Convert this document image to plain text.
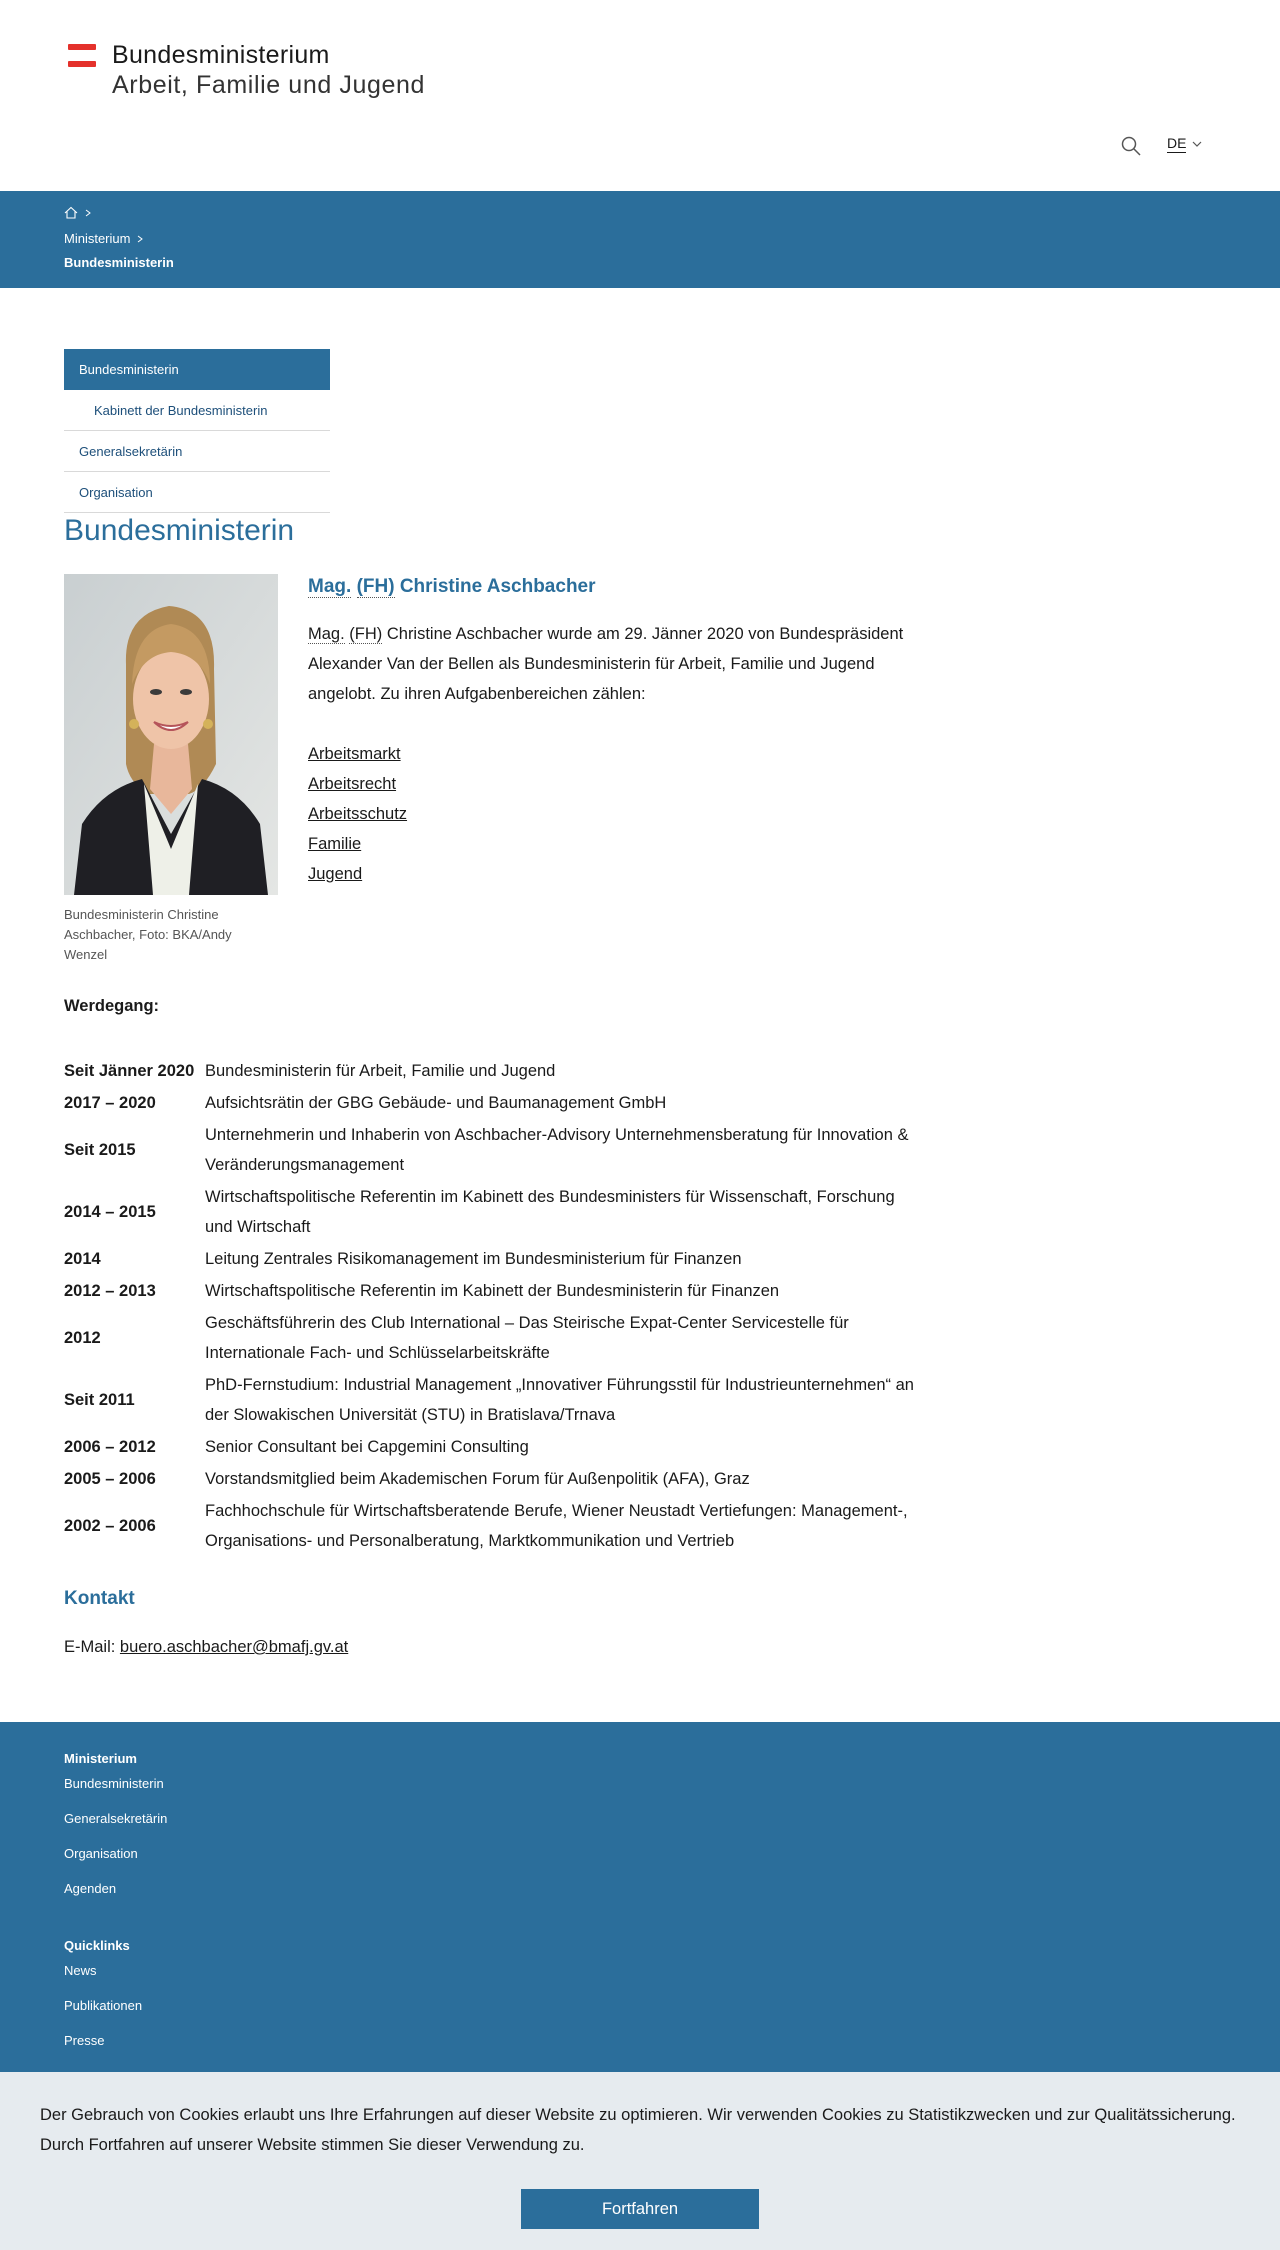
Bundesministerium
Arbeit, Familie und Jugend
DE
Ministerium
Bundesministerin
Bundesministerin
Kabinett der Bundesministerin
Generalsekretärin
Organisation
Bundesministerin
Bundesministerin Christine Aschbacher, Foto: BKA/Andy Wenzel
Mag. (FH) Christine Aschbacher
Mag. (FH) Christine Aschbacher wurde am 29. Jänner 2020 von Bundespräsident Alexander Van der Bellen als Bundesministerin für Arbeit, Familie und Jugend angelobt. Zu ihren Aufgabenbereichen zählen:
Arbeitsmarkt
Arbeitsrecht
Arbeitsschutz
Familie
Jugend
Werdegang:
Seit Jänner 2020	Bundesministerin für Arbeit, Familie und Jugend
2017 – 2020	Aufsichtsrätin der GBG Gebäude- und Baumanagement GmbH
Seit 2015	Unternehmerin und Inhaberin von Aschbacher-Advisory Unternehmensberatung für Innovation & Veränderungsmanagement
2014 – 2015	Wirtschaftspolitische Referentin im Kabinett des Bundesministers für Wissenschaft, Forschung und Wirtschaft
2014	Leitung Zentrales Risikomanagement im Bundesministerium für Finanzen
2012 – 2013	Wirtschaftspolitische Referentin im Kabinett der Bundesministerin für Finanzen
2012	Geschäftsführerin des Club International – Das Steirische Expat-Center Servicestelle für Internationale Fach- und Schlüsselarbeitskräfte
Seit 2011	PhD-Fernstudium: Industrial Management „Innovativer Führungsstil für Industrieunternehmen“ an der Slowakischen Universität (STU) in Bratislava/Trnava
2006 – 2012	Senior Consultant bei Capgemini Consulting
2005 – 2006	Vorstandsmitglied beim Akademischen Forum für Außenpolitik (AFA), Graz
2002 – 2006	Fachhochschule für Wirtschaftsberatende Berufe, Wiener Neustadt Vertiefungen: Management-, Organisations- und Personalberatung, Marktkommunikation und Vertrieb
Kontakt
E-Mail: buero.aschbacher@bmafj.gv.at
Ministerium
Bundesministerin
Generalsekretärin
Organisation
Agenden
Quicklinks
News
Publikationen
Presse
Der Gebrauch von Cookies erlaubt uns Ihre Erfahrungen auf dieser Website zu optimieren. Wir verwenden Cookies zu Statistikzwecken und zur Qualitätssicherung. Durch Fortfahren auf unserer Website stimmen Sie dieser Verwendung zu.
Fortfahren
